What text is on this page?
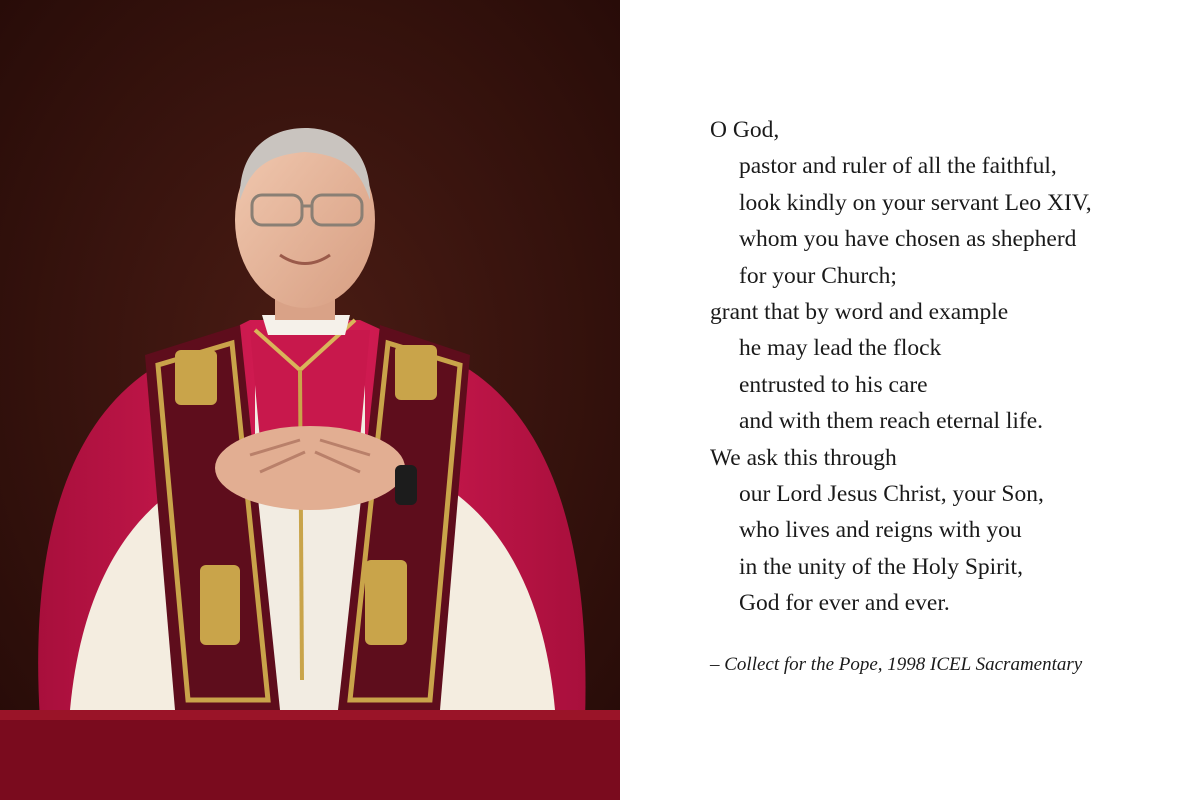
O God,
pastor and ruler of all the faithful,
look kindly on your servant Leo XIV,
whom you have chosen as shepherd
for your Church;
grant that by word and example
he may lead the flock
entrusted to his care
and with them reach eternal life.
We ask this through
our Lord Jesus Christ, your Son,
who lives and reigns with you
in the unity of the Holy Spirit,
God for ever and ever.
– Collect for the Pope, 1998 ICEL Sacramentary
